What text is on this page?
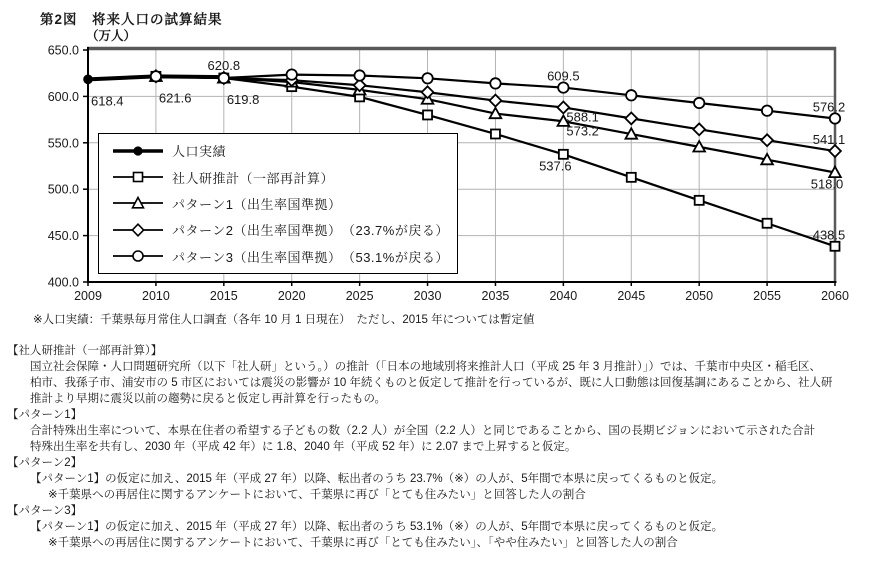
第2図　将来人口の試算結果
（万人）
650.0
600.0
550.0
500.0
450.0
400.0
2009	2010	2015	2020	2025	2030	2035	2040	2045	2050	2055	2060
618.4	621.6
620.8
619.8
609.5
588.1
573.2
537.6
576.2
541.1
518.0
438.5
人口実績
社人研推計（一部再計算）
パターン1（出生率国準拠）
パターン2（出生率国準拠）　（23.7%が戻る）
パターン3（出生率国準拠）　（53.1%が戻る）
※人口実績：千葉県毎月常住人口調査（各年 10 月 1 日現在）　ただし、2015 年については暫定値
【社人研推計（一部再計算）】
国立社会保障・人口問題研究所（以下「社人研」という。）の推計（「日本の地域別将来推計人口（平成 25 年 3 月推計）」）では、千葉市中央区・稲毛区、
柏市、我孫子市、浦安市の 5 市区においては震災の影響が 10 年続くものと仮定して推計を行っているが、既に人口動態は回復基調にあることから、社人研
推計より早期に震災以前の趨勢に戻ると仮定し再計算を行ったもの。
【パターン1】
合計特殊出生率について、本県在住者の希望する子どもの数（2.2 人）が全国（2.2 人）と同じであることから、国の長期ビジョンにおいて示された合計
特殊出生率を共有し、2030 年（平成 42 年）に 1.8、2040 年（平成 52 年）に 2.07 まで上昇すると仮定。
【パターン2】
【パターン1】の仮定に加え、2015 年（平成 27 年）以降、転出者のうち 23.7%（※）の人が、5年間で本県に戻ってくるものと仮定。
※千葉県への再居住に関するアンケートにおいて、千葉県に再び「とても住みたい」と回答した人の割合
【パターン3】
【パターン1】の仮定に加え、2015 年（平成 27 年）以降、転出者のうち 53.1%（※）の人が、5年間で本県に戻ってくるものと仮定。
※千葉県への再居住に関するアンケートにおいて、千葉県に再び「とても住みたい」、「やや住みたい」と回答した人の割合
